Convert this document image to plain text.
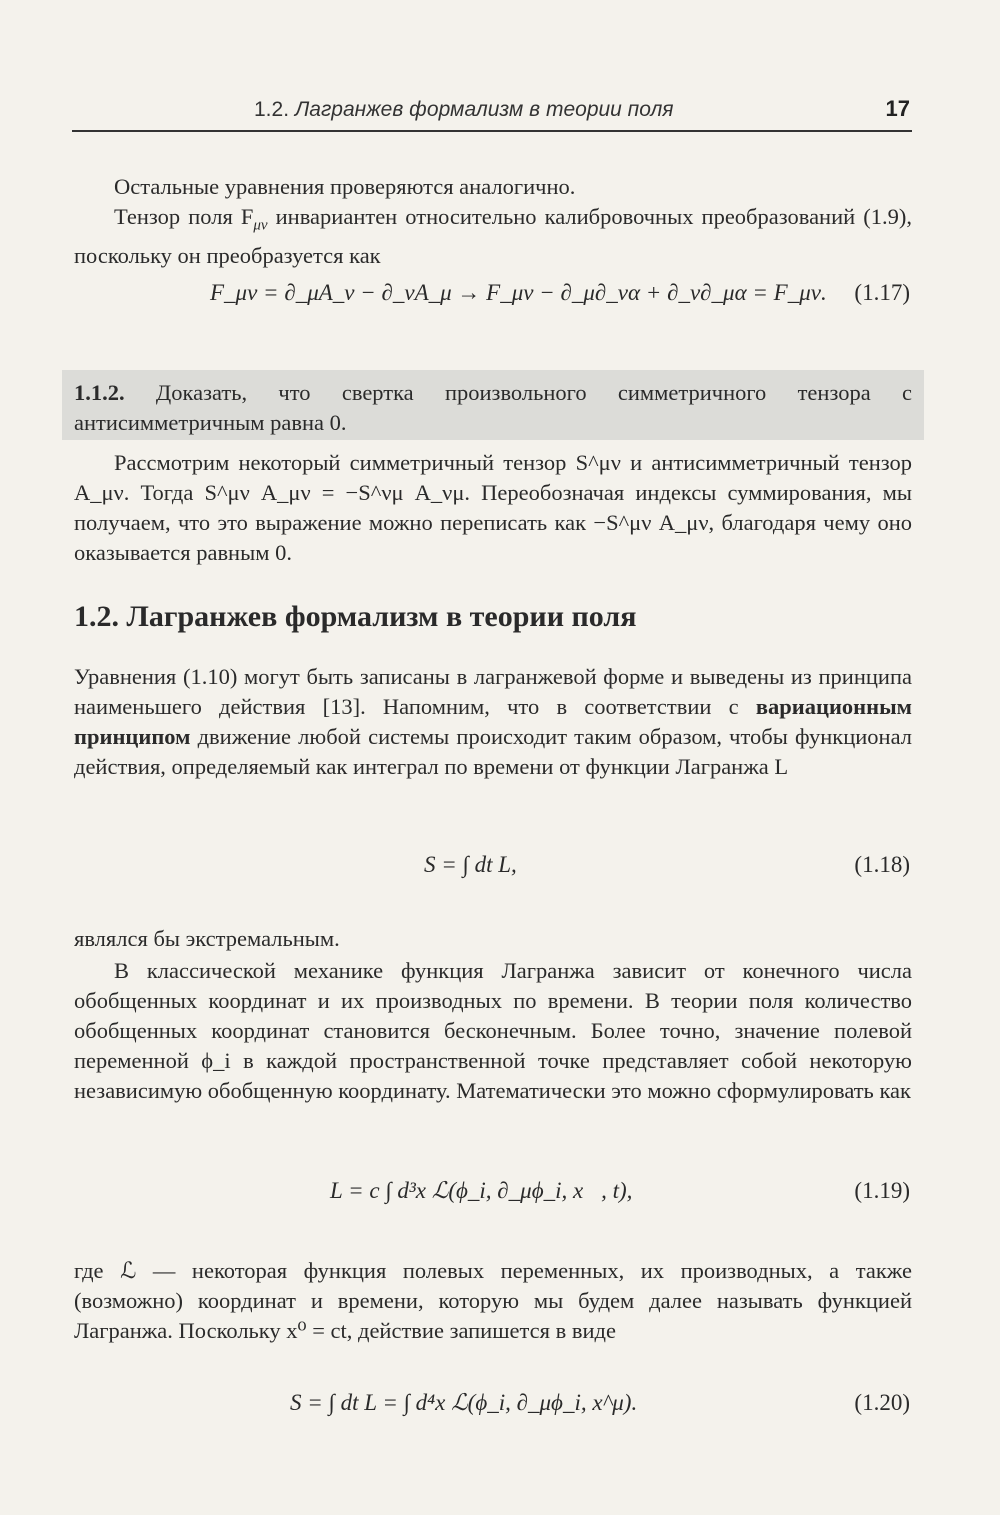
1.2. Лагранжев формализм в теории поля	17

Остальные уравнения проверяются аналогично.

Тензор поля $F_{\mu\nu}$ инвариантен относительно калибровочных преобразований (1.9), поскольку он преобразуется как

F_μν = ∂_μA_ν − ∂_νA_μ → F_μν − ∂_μ∂_να + ∂_ν∂_μα = F_μν. (1.17)
1.1.2. Доказать, что свертка произвольного симметричного тензора с антисимметричным равна 0.

Рассмотрим некоторый симметричный тензор S^μν и антисимметричный тензор A_μν. Тогда S^μν A_μν = −S^νμ A_νμ. Переобозначая индексы суммирования, мы получаем, что это выражение можно переписать как −S^μν A_μν, благодаря чему оно оказывается равным 0.

1.2. Лагранжев формализм в теории поля

Уравнения (1.10) могут быть записаны в лагранжевой форме и выведены из принципа наименьшего действия [13]. Напомним, что в соответствии с вариационным принципом движение любой системы происходит таким образом, чтобы функционал действия, определяемый как интеграл по времени от функции Лагранжа L

S = ∫ dt L,	(1.18)

являлся бы экстремальным.

В классической механике функция Лагранжа зависит от конечного числа обобщенных координат и их производных по времени. В теории поля количество обобщенных координат становится бесконечным. Более точно, значение полевой переменной ϕ_i в каждой пространственной точке представляет собой некоторую независимую обобщенную координату. Математически это можно сформулировать как

L = c ∫ d³x ℒ(ϕ_i, ∂_μϕ_i, x⃗, t),	(1.19)

где ℒ — некоторая функция полевых переменных, их производных, а также (возможно) координат и времени, которую мы будем далее называть функцией Лагранжа. Поскольку x⁰ = ct, действие запишется в виде

S = ∫ dt L = ∫ d⁴x ℒ(ϕ_i, ∂_μϕ_i, x^μ).	(1.20)
